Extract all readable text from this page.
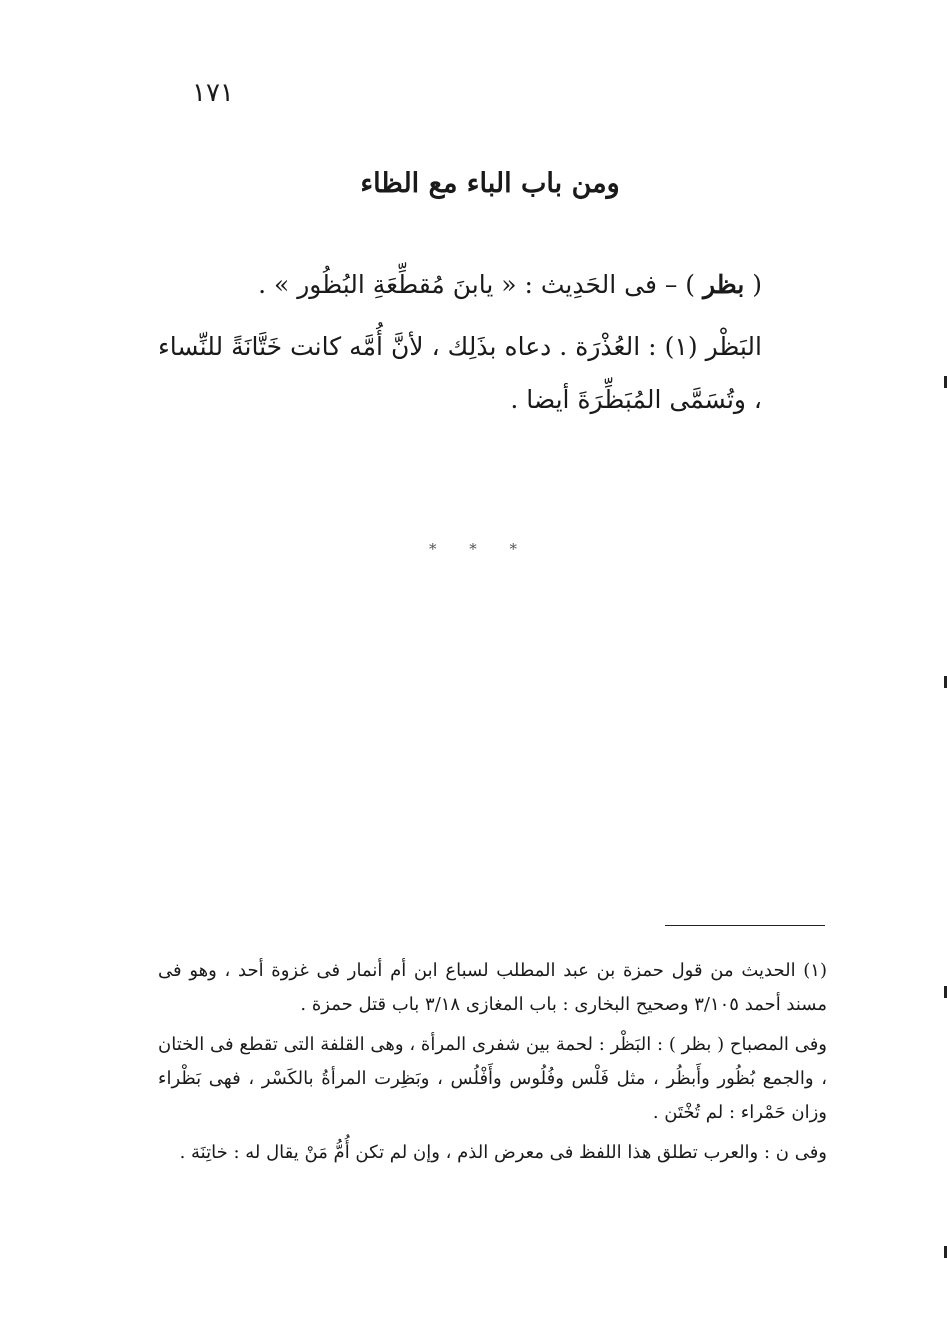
١٧١
ومن باب الباء مع الظاء
( بظر ) – فى الحَدِيث : « يابنَ مُقطِّعَةِ البُظُور » .
البَظْر (١) : العُذْرَة . دعاه بذَلِك ، لأنَّ أُمَّه كانت خَتَّانَةً للنِّساء ، وتُسَمَّى المُبَظِّرَةَ أيضا .
* * *

(١) الحديث من قول حمزة بن عبد المطلب لسباع ابن أم أنمار فى غزوة أحد ، وهو فى مسند أحمد ٣/١٠٥ وصحيح البخارى : باب المغازى ٣/١٨ باب قتل حمزة .

وفى المصباح ( بظر ) : البَظْر : لحمة بين شفرى المرأة ، وهى القلفة التى تقطع فى الختان ، والجمع بُظُور وأَبظُر ، مثل فَلْس وفُلُوس وأَفْلُس ، وبَظِرت المرأةُ بالكَسْر ، فهى بَظْراء وزان حَمْراء : لم تُخْتَن .

وفى ن : والعرب تطلق هذا اللفظ فى معرض الذم ، وإن لم تكن أُمُّ مَنْ يقال له : خاتِنَة .
